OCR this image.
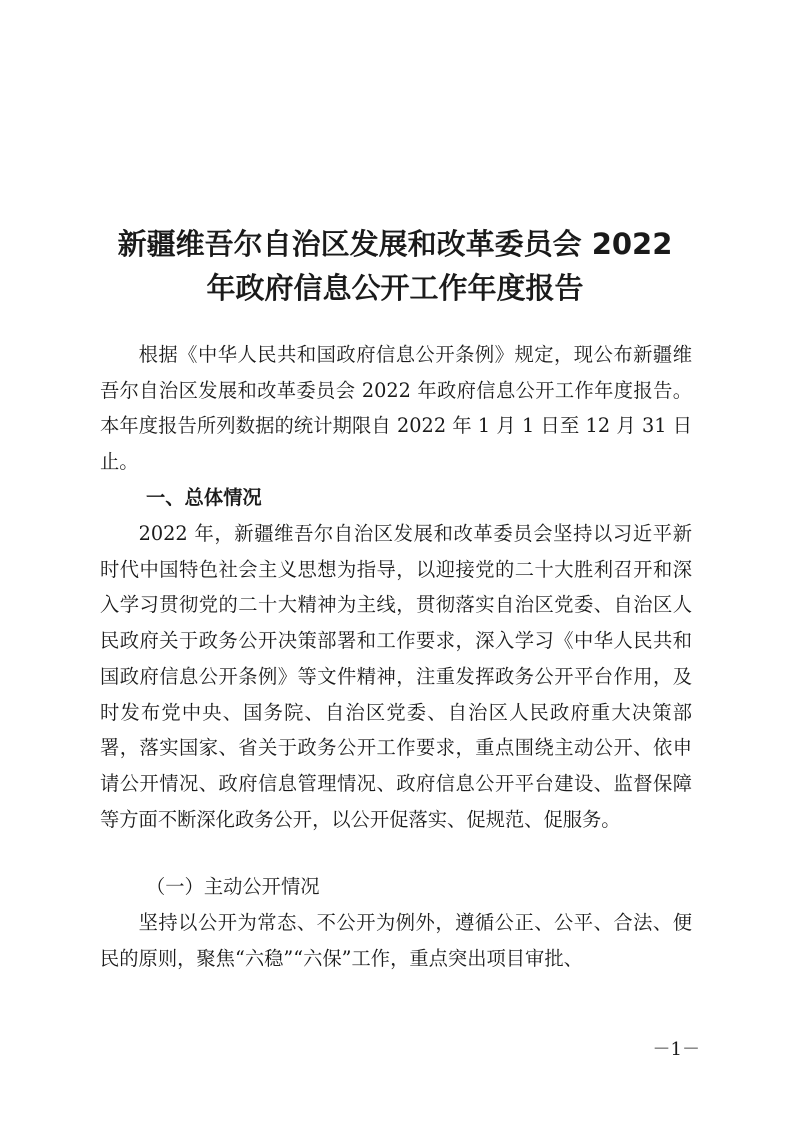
新疆维吾尔自治区发展和改革委员会 2022
年政府信息公开工作年度报告

根据《中华人民共和国政府信息公开条例》规定，现公布新疆维吾尔自治区发展和改革委员会 2022 年政府信息公开工作年度报告。本年度报告所列数据的统计期限自 2022 年 1 月 1 日至 12 月 31 日止。

一、总体情况

2022 年，新疆维吾尔自治区发展和改革委员会坚持以习近平新时代中国特色社会主义思想为指导，以迎接党的二十大胜利召开和深入学习贯彻党的二十大精神为主线，贯彻落实自治区党委、自治区人民政府关于政务公开决策部署和工作要求，深入学习《中华人民共和国政府信息公开条例》等文件精神，注重发挥政务公开平台作用，及时发布党中央、国务院、自治区党委、自治区人民政府重大决策部署，落实国家、省关于政务公开工作要求，重点围绕主动公开、依申请公开情况、政府信息管理情况、政府信息公开平台建设、监督保障等方面不断深化政务公开，以公开促落实、促规范、促服务。

（一）主动公开情况

坚持以公开为常态、不公开为例外，遵循公正、公平、合法、便民的原则，聚焦“六稳”“六保”工作，重点突出项目审批、

－1－
